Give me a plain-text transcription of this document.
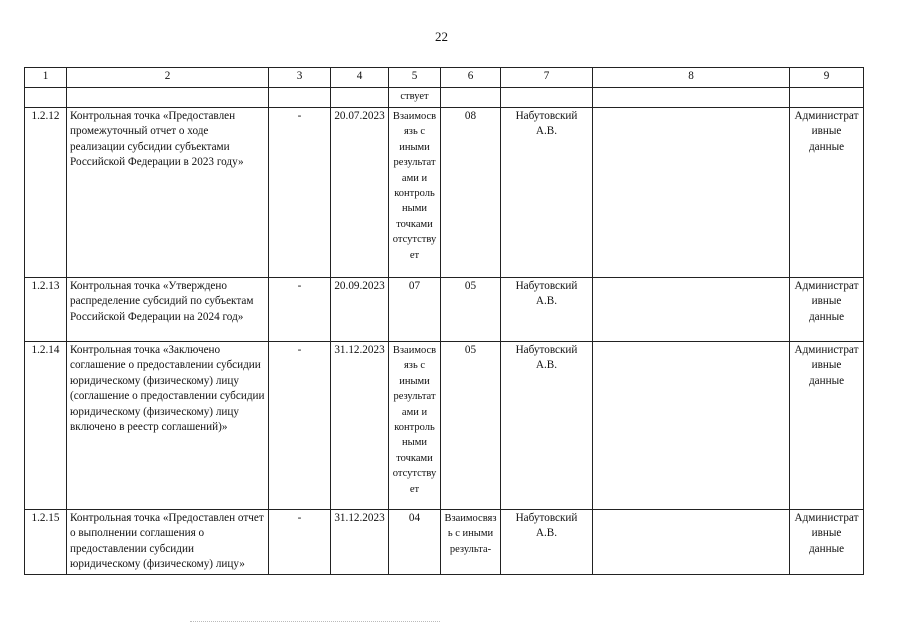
22
1	2	3	4	5	6	7	8	9
				ствует				
1.2.12	Контрольная точка «Предоставлен промежуточный отчет о ходе реализации субсидии субъектами Российской Федерации в 2023 году»	-	20.07.2023	Взаимосвязь с иными результатами и контрольными точками отсутствует	08	Набутовский А.В.		Административные данные
1.2.13	Контрольная точка «Утверждено распределение субсидий по субъектам Российской Федерации на 2024 год»	-	20.09.2023	07	05	Набутовский А.В.		Административные данные
1.2.14	Контрольная точка «Заключено соглашение о предоставлении субсидии юридическому (физическому) лицу (соглашение о предоставлении субсидии юридическому (физическому) лицу включено в реестр соглашений)»	-	31.12.2023	Взаимосвязь с иными результатами и контрольными точками отсутствует	05	Набутовский А.В.		Административные данные
1.2.15	Контрольная точка «Предоставлен отчет о выполнении соглашения о предоставлении субсидии юридическому (физическому) лицу»	-	31.12.2023	04	Взаимосвязь с иными результа-	Набутовский А.В.		Административные данные
